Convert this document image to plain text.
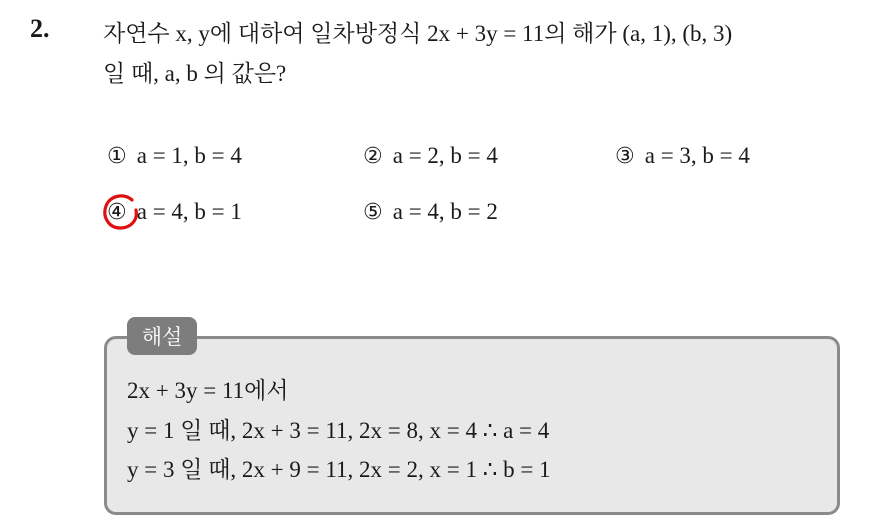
2. 자연수 x, y에 대하여 일차방정식 2x + 3y = 11의 해가 (a, 1), (b, 3)
일 때, a, b 의 값은?
① a = 1, b = 4	② a = 2, b = 4	③ a = 3, b = 4
④ a = 4, b = 1	⑤ a = 4, b = 2
해설
2x + 3y = 11에서
y = 1 일 때, 2x + 3 = 11, 2x = 8, x = 4 ∴ a = 4
y = 3 일 때, 2x + 9 = 11, 2x = 2, x = 1 ∴ b = 1
